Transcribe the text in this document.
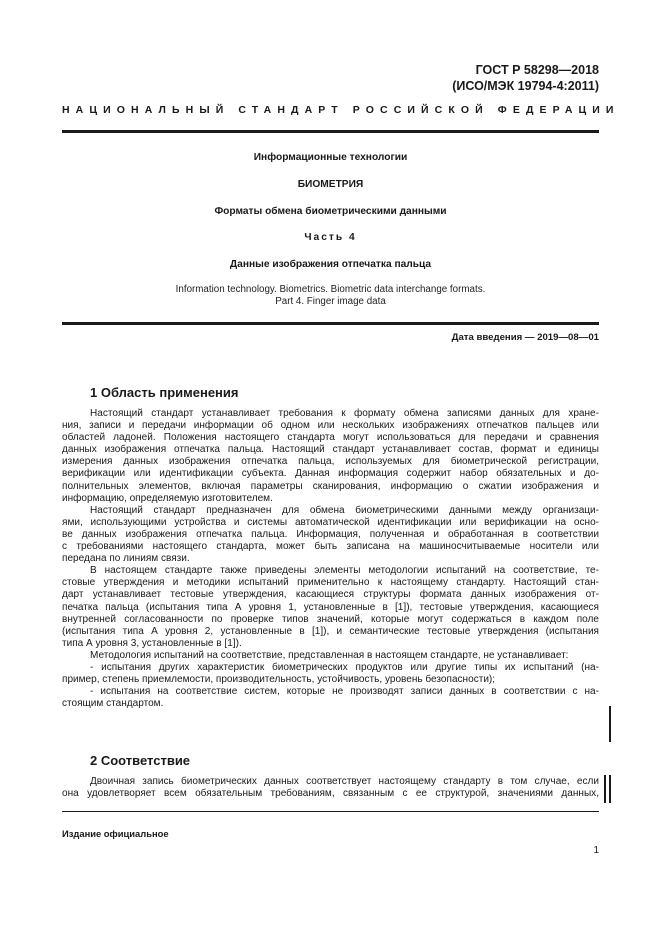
ГОСТ Р 58298—2018
(ИСО/МЭК 19794-4:2011)
НАЦИОНАЛЬНЫЙ СТАНДАРТ РОССИЙСКОЙ ФЕДЕРАЦИИ
Информационные технологии
БИОМЕТРИЯ
Форматы обмена биометрическими данными
Часть 4
Данные изображения отпечатка пальца
Information technology. Biometrics. Biometric data interchange formats.
Part 4. Finger image data
Дата введения — 2019—08—01
1 Область применения
Настоящий стандарт устанавливает требования к формату обмена записями данных для хране-
ния, записи и передачи информации об одном или нескольких изображениях отпечатков пальцев или
областей ладоней. Положения настоящего стандарта могут использоваться для передачи и сравнения
данных изображения отпечатка пальца. Настоящий стандарт устанавливает состав, формат и единицы
измерения данных изображения отпечатка пальца, используемых для биометрической регистрации,
верификации или идентификации субъекта. Данная информация содержит набор обязательных и до-
полнительных элементов, включая параметры сканирования, информацию о сжатии изображения и
информацию, определяемую изготовителем.
Настоящий стандарт предназначен для обмена биометрическими данными между организаци-
ями, использующими устройства и системы автоматической идентификации или верификации на осно-
ве данных изображения отпечатка пальца. Информация, полученная и обработанная в соответствии
с требованиями настоящего стандарта, может быть записана на машиносчитываемые носители или
передана по линиям связи.
В настоящем стандарте также приведены элементы методологии испытаний на соответствие, те-
стовые утверждения и методики испытаний применительно к настоящему стандарту. Настоящий стан-
дарт устанавливает тестовые утверждения, касающиеся структуры формата данных изображения от-
печатка пальца (испытания типа А уровня 1, установленные в [1]), тестовые утверждения, касающиеся
внутренней согласованности по проверке типов значений, которые могут содержаться в каждом поле
(испытания типа А уровня 2, установленные в [1]), и семантические тестовые утверждения (испытания
типа А уровня 3, установленные в [1]).
Методология испытаний на соответствие, представленная в настоящем стандарте, не устанавливает:
- испытания других характеристик биометрических продуктов или другие типы их испытаний (на-
пример, степень приемлемости, производительность, устойчивость, уровень безопасности);
- испытания на соответствие систем, которые не производят записи данных в соответствии с на-
стоящим стандартом.
2 Соответствие
Двоичная запись биометрических данных соответствует настоящему стандарту в том случае, если
она удовлетворяет всем обязательным требованиям, связанным с ее структурой, значениями данных,
Издание официальное
1
